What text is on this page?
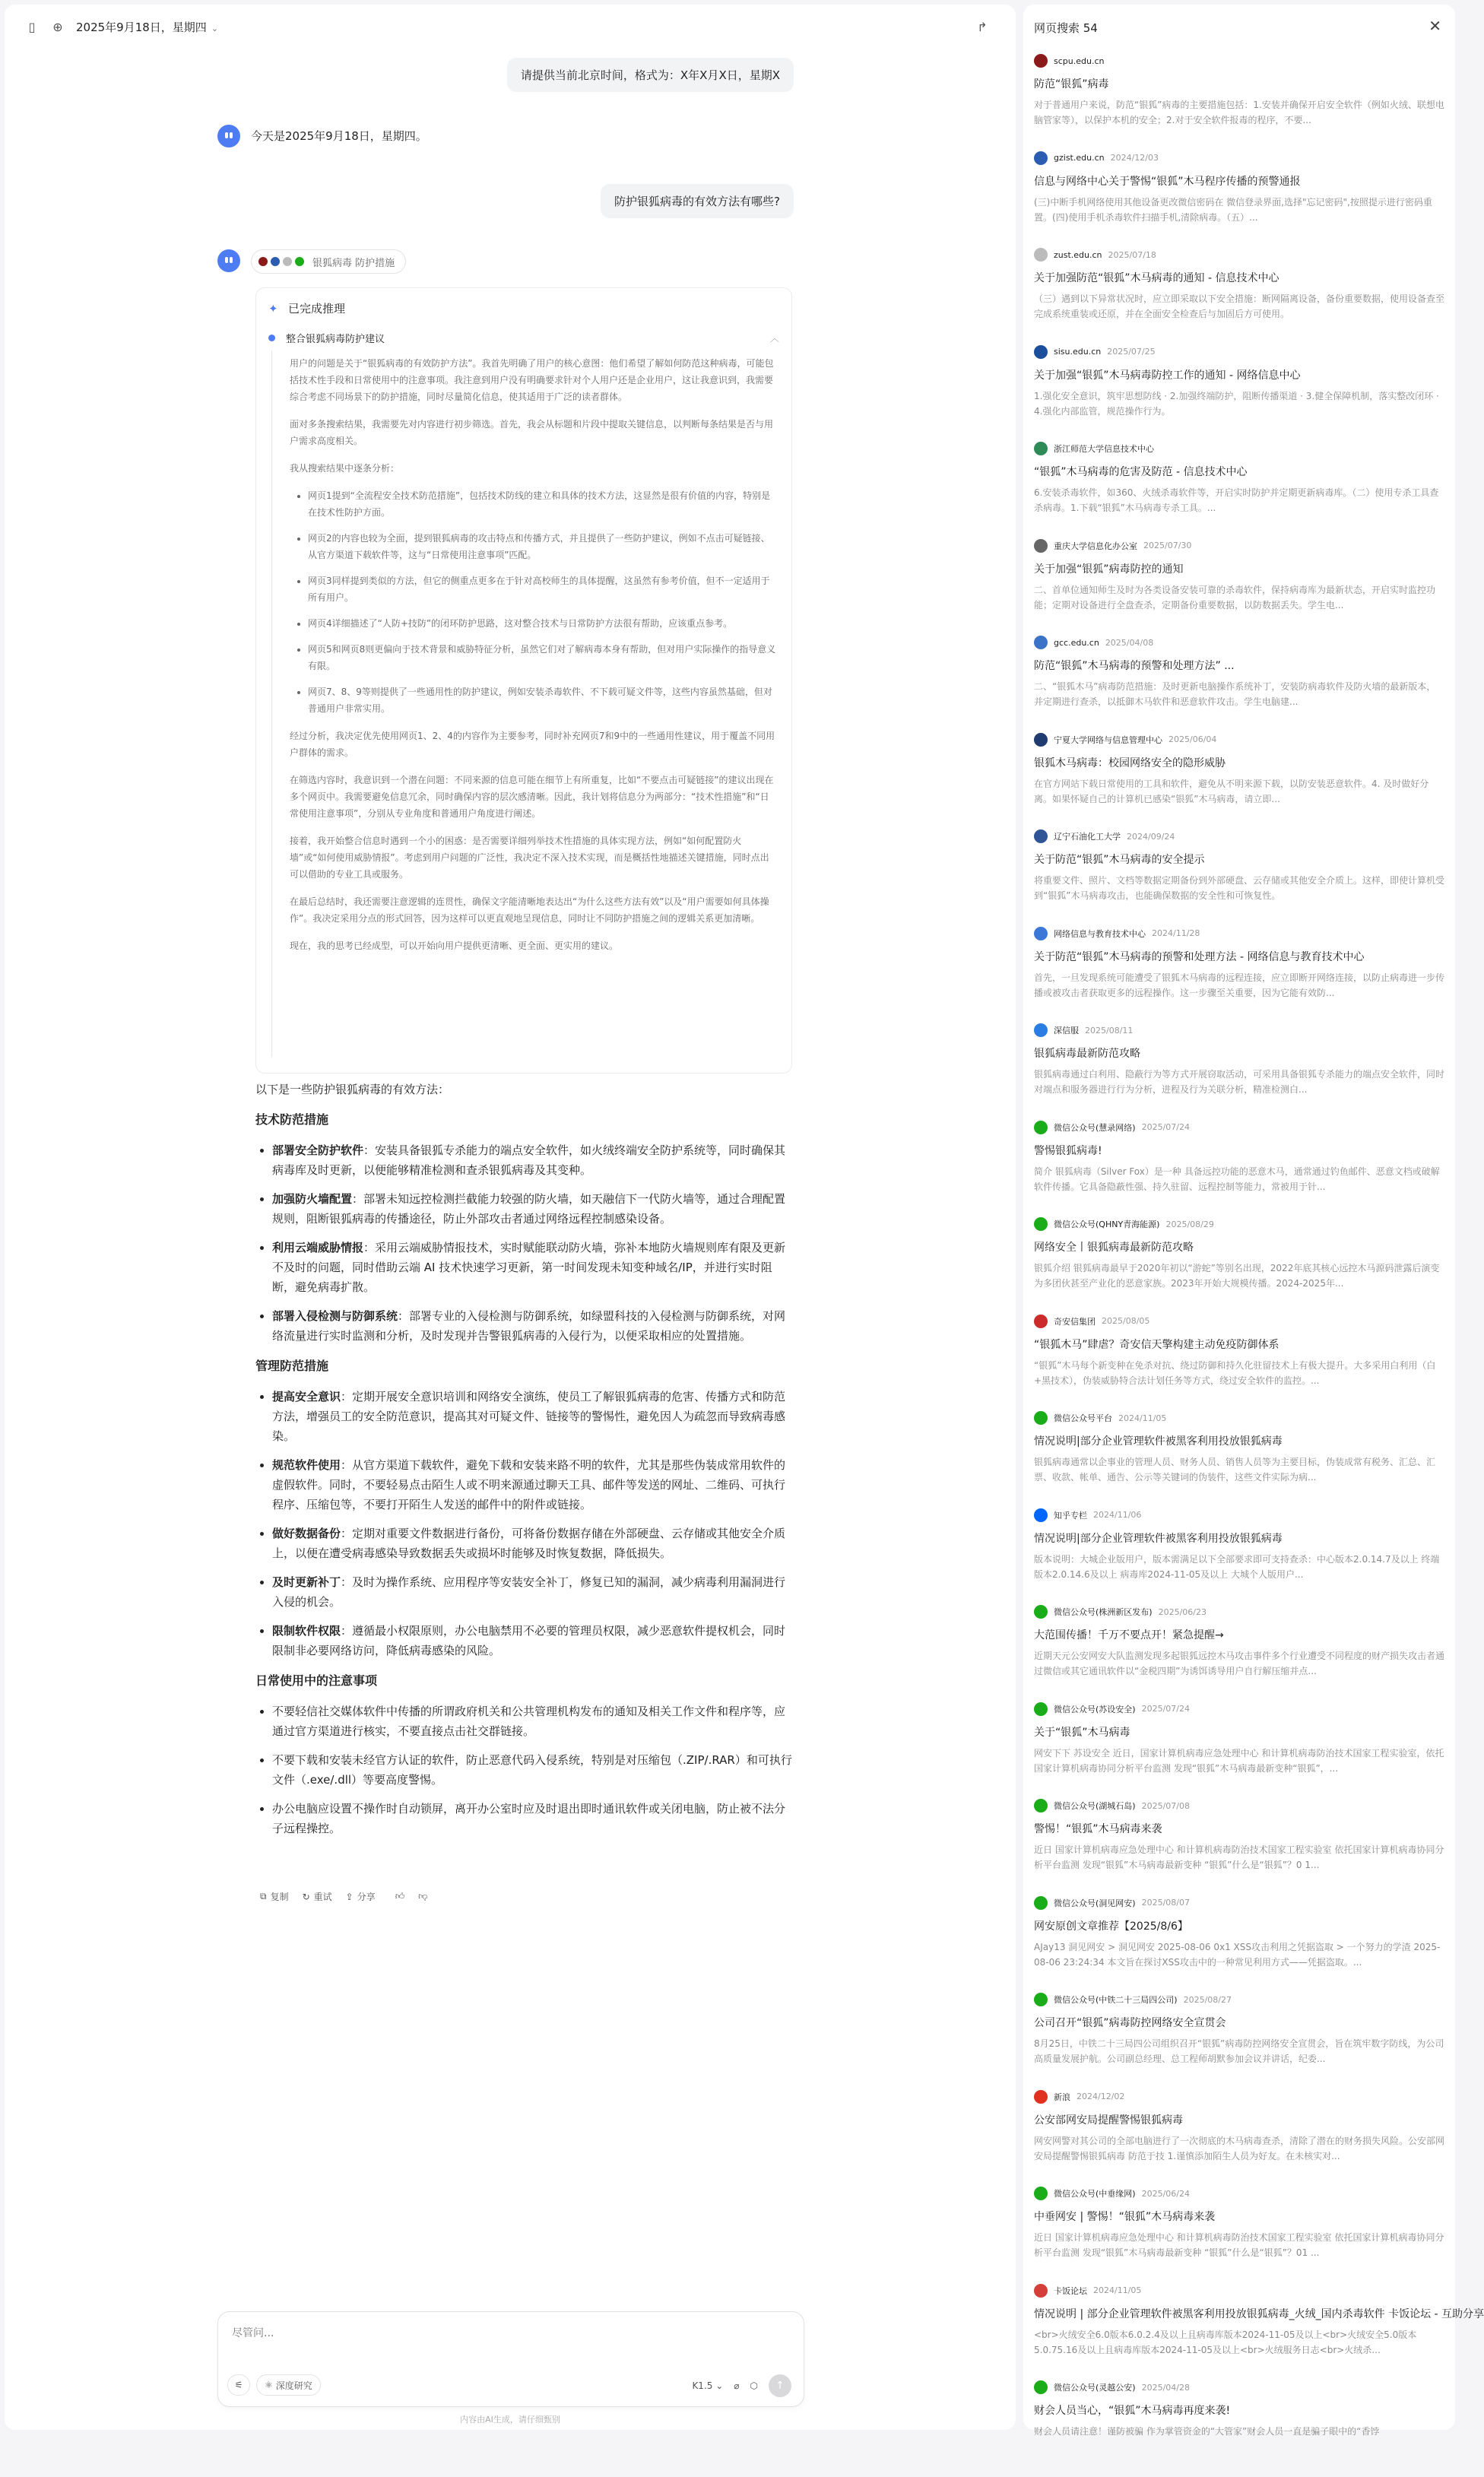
▯	⊕ 2025年9月18日，星期四 ⌄	↱
请提供当前北京时间，格式为：X年X月X日，星期X
今天是2025年9月18日，星期四。
防护银狐病毒的有效方法有哪些?
银狐病毒 防护措施
✦ 已完成推理
整合银狐病毒防护建议	︿

用户的问题是关于“银狐病毒的有效防护方法”。我首先明确了用户的核心意图：他们希望了解如何防范这种病毒，可能包括技术性手段和日常使用中的注意事项。我注意到用户没有明确要求针对个人用户还是企业用户，这让我意识到，我需要综合考虑不同场景下的防护措施，同时尽量简化信息，使其适用于广泛的读者群体。

面对多条搜索结果，我需要先对内容进行初步筛选。首先，我会从标题和片段中提取关键信息，以判断每条结果是否与用户需求高度相关。

我从搜索结果中逐条分析：

• 网页1提到“全流程安全技术防范措施”，包括技术防线的建立和具体的技术方法，这显然是很有价值的内容，特别是在技术性防护方面。
• 网页2的内容也较为全面，提到银狐病毒的攻击特点和传播方式，并且提供了一些防护建议，例如不点击可疑链接、从官方渠道下载软件等，这与“日常使用注意事项”匹配。
• 网页3同样提到类似的方法，但它的侧重点更多在于针对高校师生的具体提醒，这虽然有参考价值，但不一定适用于所有用户。
• 网页4详细描述了“人防+技防”的闭环防护思路，这对整合技术与日常防护方法很有帮助，应该重点参考。
• 网页5和网页8则更偏向于技术背景和威胁特征分析，虽然它们对了解病毒本身有帮助，但对用户实际操作的指导意义有限。
• 网页7、8、9等则提供了一些通用性的防护建议，例如安装杀毒软件、不下载可疑文件等，这些内容虽然基础，但对普通用户非常实用。

经过分析，我决定优先使用网页1、2、4的内容作为主要参考，同时补充网页7和9中的一些通用性建议，用于覆盖不同用户群体的需求。

在筛选内容时，我意识到一个潜在问题：不同来源的信息可能在细节上有所重复，比如“不要点击可疑链接”的建议出现在多个网页中。我需要避免信息冗余，同时确保内容的层次感清晰。因此，我计划将信息分为两部分：“技术性措施”和“日常使用注意事项”，分别从专业角度和普通用户角度进行阐述。

接着，我开始整合信息时遇到一个小的困惑：是否需要详细列举技术性措施的具体实现方法，例如“如何配置防火墙”或“如何使用威胁情报”。考虑到用户问题的广泛性，我决定不深入技术实现，而是概括性地描述关键措施，同时点出可以借助的专业工具或服务。

在最后总结时，我还需要注意逻辑的连贯性，确保文字能清晰地表达出“为什么这些方法有效”以及“用户需要如何具体操作”。我决定采用分点的形式回答，因为这样可以更直观地呈现信息，同时让不同防护措施之间的逻辑关系更加清晰。

现在，我的思考已经成型，可以开始向用户提供更清晰、更全面、更实用的建议。

以下是一些防护银狐病毒的有效方法：
技术防范措施
• 部署安全防护软件：安装具备银狐专杀能力的端点安全软件，如火绒终端安全防护系统等，同时确保其病毒库及时更新，以便能够精准检测和查杀银狐病毒及其变种。
• 加强防火墙配置：部署未知远控检测拦截能力较强的防火墙，如天融信下一代防火墙等，通过合理配置规则，阻断银狐病毒的传播途径，防止外部攻击者通过网络远程控制感染设备。
• 利用云端威胁情报：采用云端威胁情报技术，实时赋能联动防火墙，弥补本地防火墙规则库有限及更新不及时的问题，同时借助云端 AI 技术快速学习更新，第一时间发现未知变种域名/IP，并进行实时阻断，避免病毒扩散。
• 部署入侵检测与防御系统：部署专业的入侵检测与防御系统，如绿盟科技的入侵检测与防御系统，对网络流量进行实时监测和分析，及时发现并告警银狐病毒的入侵行为，以便采取相应的处置措施。
管理防范措施
• 提高安全意识：定期开展安全意识培训和网络安全演练，使员工了解银狐病毒的危害、传播方式和防范方法，增强员工的安全防范意识，提高其对可疑文件、链接等的警惕性，避免因人为疏忽而导致病毒感染。
• 规范软件使用：从官方渠道下载软件，避免下载和安装来路不明的软件，尤其是那些伪装成常用软件的虚假软件。同时，不要轻易点击陌生人或不明来源通过聊天工具、邮件等发送的网址、二维码、可执行程序、压缩包等，不要打开陌生人发送的邮件中的附件或链接。
• 做好数据备份：定期对重要文件数据进行备份，可将备份数据存储在外部硬盘、云存储或其他安全介质上，以便在遭受病毒感染导致数据丢失或损坏时能够及时恢复数据，降低损失。
• 及时更新补丁：及时为操作系统、应用程序等安装安全补丁，修复已知的漏洞，减少病毒利用漏洞进行入侵的机会。
• 限制软件权限：遵循最小权限原则，办公电脑禁用不必要的管理员权限，减少恶意软件提权机会，同时限制非必要网络访问，降低病毒感染的风险。
日常使用中的注意事项
• 不要轻信社交媒体软件中传播的所谓政府机关和公共管理机构发布的通知及相关工作文件和程序等，应通过官方渠道进行核实，不要直接点击社交群链接。
• 不要下载和安装未经官方认证的软件，防止恶意代码入侵系统，特别是对压缩包（.ZIP/.RAR）和可执行文件（.exe/.dll）等要高度警惕。
• 办公电脑应设置不操作时自动锁屏，离开办公室时应及时退出即时通讯软件或关闭电脑，防止被不法分子远程操控。
⧉ 复制 ↻ 重试 ⇪ 分享 👍︎ 👎︎
尽管问...
⚟ ⚛ 深度研究	K1.5 ⌄ ⌀ ⬡ ↑
内容由AI生成，请仔细甄别
网页搜索 54	✕
scpu.edu.cn
防范“银狐”病毒
对于普通用户来说，防范“银狐”病毒的主要措施包括：1.安装并确保开启安全软件（例如火绒、联想电脑管家等），以保护本机的安全；2.对于安全软件报毒的程序，不要...
gzist.edu.cn 2024/12/03
信息与网络中心关于警惕“银狐”木马程序传播的预警通报
(三)中断手机网络使用其他设备更改微信密码在 微信登录界面,选择"忘记密码",按照提示进行密码重置。(四)使用手机杀毒软件扫描手机,清除病毒。（五）...
zust.edu.cn 2025/07/18
关于加强防范“银狐”木马病毒的通知 - 信息技术中心
（三）遇到以下异常状况时，应立即采取以下安全措施：断网隔离设备，备份重要数据，使用设备查至完成系统重装或还原，并在全面安全检查后与加固后方可使用。
sisu.edu.cn 2025/07/25
关于加强“银狐”木马病毒防控工作的通知 - 网络信息中心
1.强化安全意识，筑牢思想防线 · 2.加强终端防护，阻断传播渠道 · 3.健全保障机制，落实整改闭环 · 4.强化内部监管，规范操作行为。
浙江师范大学信息技术中心
“银狐”木马病毒的危害及防范 - 信息技术中心
6.安装杀毒软件，如360、火绒杀毒软件等，开启实时防护并定期更新病毒库。（二）使用专杀工具查杀病毒。1.下载“银狐”木马病毒专杀工具。...
重庆大学信息化办公室 2025/07/30
关于加强“银狐”病毒防控的通知
二、首单位通知师生及时为各类设备安装可靠的杀毒软件，保持病毒库为最新状态，开启实时监控功能；定期对设备进行全盘查杀，定期备份重要数据，以防数据丢失。学生电...
gcc.edu.cn 2025/04/08
防范“银狐”木马病毒的预警和处理方法” ...
二、“银狐木马”病毒防范措施：及时更新电脑操作系统补丁，安装防病毒软件及防火墙的最新版本，并定期进行查杀，以抵御木马软件和恶意软件攻击。学生电脑建...
宁夏大学网络与信息管理中心 2025/06/04
银狐木马病毒：校园网络安全的隐形威胁
在官方网站下载日常使用的工具和软件，避免从不明来源下载，以防安装恶意软件。4. 及时做好分离。如果怀疑自己的计算机已感染“银狐”木马病毒，请立即...
辽宁石油化工大学 2024/09/24
关于防范“银狐”木马病毒的安全提示
将重要文件、照片、文档等数据定期备份到外部硬盘、云存储或其他安全介质上。这样，即使计算机受到“银狐”木马病毒攻击，也能确保数据的安全性和可恢复性。
网络信息与教育技术中心 2024/11/28
关于防范“银狐”木马病毒的预警和处理方法 - 网络信息与教育技术中心
首先，一旦发现系统可能遭受了银狐木马病毒的远程连接，应立即断开网络连接，以防止病毒进一步传播或被攻击者获取更多的远程操作。这一步骤至关重要，因为它能有效防...
深信服 2025/08/11
银狐病毒最新防范攻略
银狐病毒通过白利用、隐蔽行为等方式开展窃取活动，可采用具备银狐专杀能力的端点安全软件，同时对端点和服务器进行行为分析，进程及行为关联分析，精准检测白...
微信公众号(慧录网络) 2025/07/24
警惕银狐病毒!
简介 银狐病毒（Silver Fox）是一种 具备远控功能的恶意木马，通常通过钓鱼邮件、恶意文档或破解软件传播。它具备隐蔽性强、持久驻留、远程控制等能力，常被用于针...
微信公众号(QHNY青海能源) 2025/08/29
网络安全丨银狐病毒最新防范攻略
银狐介绍 银狐病毒最早于2020年初以“游蛇”等别名出现，2022年底其核心远控木马源码泄露后演变为多团伙甚至产业化的恶意家族。2023年开始大规模传播。2024-2025年...
奇安信集团 2025/08/05
“银狐木马”肆虐？奇安信天擎构建主动免疫防御体系
“银狐”木马每个新变种在免杀对抗、绕过防御和持久化驻留技术上有极大提升。大多采用白利用（白+黑技术），伪装威胁特合法计划任务等方式，绕过安全软件的监控。...
微信公众号平台 2024/11/05
情况说明|部分企业管理软件被黑客利用投放银狐病毒
银狐病毒通常以企事业的管理人员、财务人员、销售人员等为主要目标，伪装成常有税务、汇总、汇票、收款、帐单、通告、公示等关键词的伪装件，这些文件实际为病...
知乎专栏 2024/11/06
情况说明|部分企业管理软件被黑客利用投放银狐病毒
版本说明：大城企业版用户，版本需满足以下全部要求即可支持查杀：中心版本2.0.14.7及以上 终端版本2.0.14.6及以上 病毒库2024-11-05及以上 大城个人版用户...
微信公众号(株洲新区发布) 2025/06/23
大范围传播！千万不要点开！紧急提醒→
近期天元公安网安大队监测发现多起银狐远控木马攻击事件多个行业遭受不同程度的财产损失攻击者通过微信或其它通讯软件以“金税四期”为诱饵诱导用户自行解压缩并点...
微信公众号(苏设安全) 2025/07/24
关于“银狐”木马病毒
网安下下 苏设安全 近日，国家计算机病毒应急处理中心 和计算机病毒防治技术国家工程实验室，依托国家计算机病毒协同分析平台监测 发现“银狐”木马病毒最新变种“银狐”，...
微信公众号(湖城石岛) 2025/07/08
警惕！“银狐”木马病毒来袭
近日 国家计算机病毒应急处理中心 和计算机病毒防治技术国家工程实验室 依托国家计算机病毒协同分析平台监测 发现“银狐”木马病毒最新变种 “银狐”什么是“银狐”？0 1...
微信公众号(洞见网安) 2025/08/07
网安原创文章推荐【2025/8/6】
AJay13 洞见网安 > 洞见网安 2025-08-06 0x1 XSS攻击利用之凭据盗取 > 一个努力的学渣 2025-08-06 23:24:34 本文旨在探讨XSS攻击中的一种常见利用方式——凭据盗取。...
微信公众号(中铁二十三局四公司) 2025/08/27
公司召开“银狐”病毒防控网络安全宣贯会
8月25日，中铁二十三局四公司组织召开“银狐”病毒防控网络安全宣贯会，旨在筑牢数字防线，为公司高质量发展护航。公司副总经理、总工程师胡默参加会议并讲话，纪委...
新浪 2024/12/02
公安部网安局提醒警惕银狐病毒
网安网警对其公司的全部电脑进行了一次彻底的木马病毒查杀，清除了潜在的财务损失风险。公安部网安局提醒警惕银狐病毒 防范于技 1.谨慎添加陌生人员为好友。在未核实对...
微信公众号(中垂缘网) 2025/06/24
中垂网安 | 警惕！“银狐”木马病毒来袭
近日 国家计算机病毒应急处理中心 和计算机病毒防治技术国家工程实验室 依托国家计算机病毒协同分析平台监测 发现“银狐”木马病毒最新变种 “银狐”什么是“银狐”？01 ...
卡饭论坛 2024/11/05
情况说明 | 部分企业管理软件被黑客利用投放银狐病毒_火绒_国内杀毒软件 卡饭论坛 - 互助分享
<br>火绒安全6.0版本6.0.2.4及以上且病毒库版本2024-11-05及以上<br>火绒安全5.0版本5.0.75.16及以上且病毒库版本2024-11-05及以上<br>火绒服务日志<br>火绒杀...
微信公众号(灵越公安) 2025/04/28
财会人员当心，“银狐”木马病毒再度来袭!
财会人员请注意！谨防被骗 作为掌管资金的“大管家”财会人员一直是骗子眼中的“香饽
